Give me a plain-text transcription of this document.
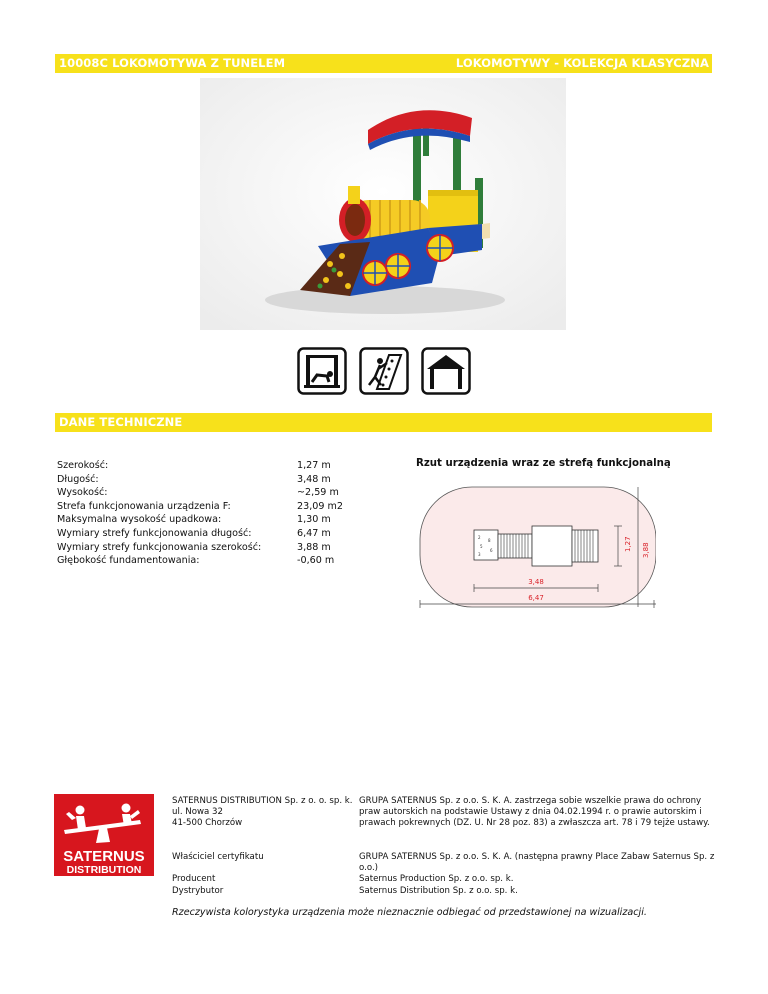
10008C LOKOMOTYWA Z TUNELEM	LOKOMOTYWY - KOLEKCJA KLASYCZNA
DANE TECHNICZNE
Szerokość:	1,27 m
Długość:	3,48 m
Wysokość:	~2,59 m
Strefa funkcjonowania urządzenia F:	23,09 m2
Maksymalna wysokość upadkowa:	1,30 m
Wymiary strefy funkcjonowania długość:	6,47 m
Wymiary strefy funkcjonowania szerokość:	3,88 m
Głębokość fundamentowania:	-0,60 m
Rzut urządzenia wraz ze strefą funkcjonalną
2
8
5
6
3
3,48
6,47
1,27 3,88
SATERNUS
DISTRIBUTION
SATERNUS DISTRIBUTION Sp. z o. o. sp. k.
ul. Nowa 32
41-500 Chorzów
GRUPA SATERNUS Sp. z o.o. S. K. A. zastrzega sobie wszelkie prawa do ochrony praw autorskich na podstawie Ustawy z dnia 04.02.1994 r. o prawie autorskim i prawach pokrewnych (DZ. U. Nr 28 poz. 83) a zwłaszcza art. 78 i 79 tejże ustawy.
Właściciel certyfikatu	GRUPA SATERNUS Sp. z o.o. S. K. A. (następna prawny Place Zabaw Saternus Sp. z o.o.)
Producent	Saternus Production Sp. z o.o. sp. k.
Dystrybutor	Saternus Distribution Sp. z o.o. sp. k.
Rzeczywista kolorystyka urządzenia może nieznacznie odbiegać od przedstawionej na wizualizacji.
